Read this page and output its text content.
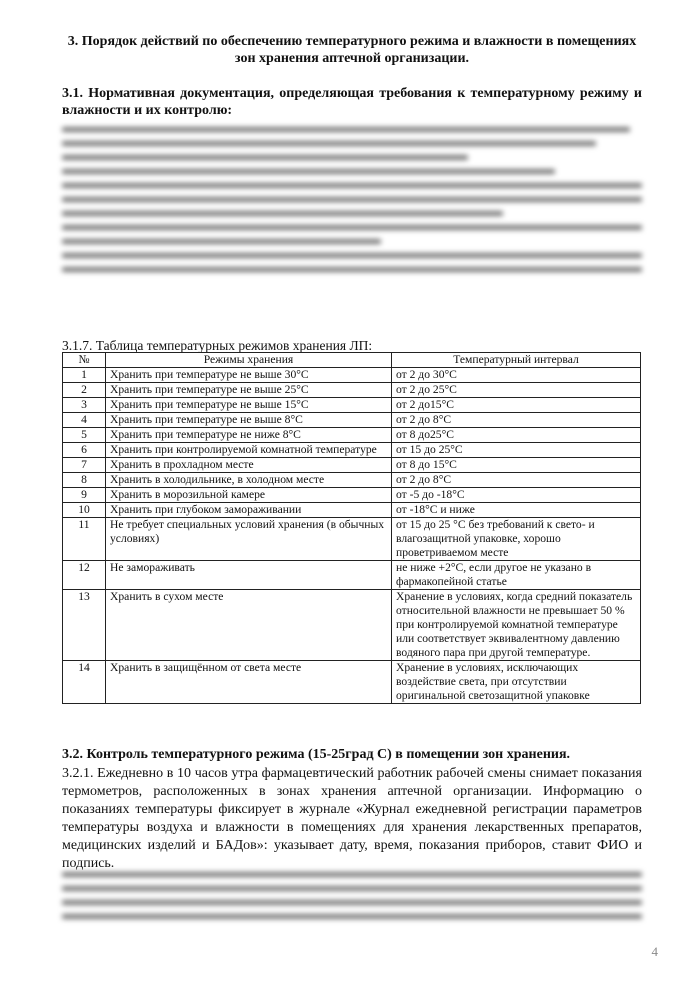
3. Порядок действий по обеспечению температурного режима и влажности в помещениях зон хранения аптечной организации.
3.1. Нормативная документация, определяющая требования к температурному режиму и влажности и их контролю:
3.1.7. Таблица температурных режимов хранения ЛП:
№	Режимы хранения	Температурный интервал
1	Хранить при температуре не выше 30°С	от 2 до 30°С
2	Хранить при температуре не выше 25°С	от 2 до 25°С
3	Хранить при температуре не выше 15°С	от 2 до15°С
4	Хранить при температуре не выше 8°С	от 2 до 8°С
5	Хранить при температуре не ниже 8°С	от 8 до25°С
6	Хранить при контролируемой комнатной температуре	от 15 до 25°С
7	Хранить в прохладном месте	от 8 до 15°С
8	Хранить в холодильнике, в холодном месте	от 2 до 8°С
9	Хранить в морозильной камере	от -5 до -18°С
10	Хранить при глубоком замораживании	от -18°С и ниже
11	Не требует специальных условий хранения (в обычных условиях)	от 15 до 25 °С без требований к свето- и влагозащитной упаковке, хорошо проветриваемом месте
12	Не замораживать	не ниже +2°С, если другое не указано в фармакопейной статье
13	Хранить в сухом месте	Хранение в условиях, когда средний показатель относительной влажности не превышает 50 % при контролируемой комнатной температуре или соответствует эквивалентному давлению водяного пара при другой температуре.
14	Хранить в защищённом от света месте	Хранение в условиях, исключающих воздействие света, при отсутствии оригинальной светозащитной упаковке
3.2. Контроль температурного режима (15-25град С) в помещении зон хранения.
3.2.1. Ежедневно в 10 часов утра фармацевтический работник рабочей смены снимает показания термометров, расположенных в зонах хранения аптечной организации. Информацию о показаниях температуры фиксирует в журнале «Журнал ежедневной регистрации параметров температуры воздуха и влажности в помещениях для хранения лекарственных препаратов, медицинских изделий и БАДов»: указывает дату, время, показания приборов, ставит ФИО и подпись.
4
